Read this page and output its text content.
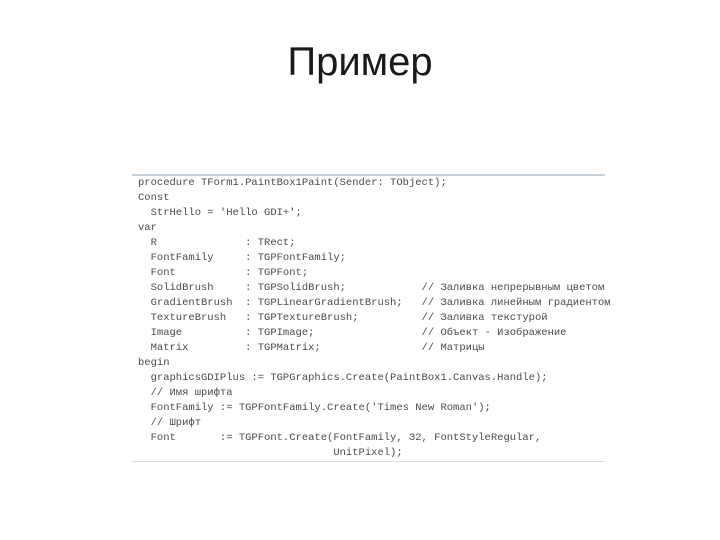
Пример
procedure TForm1.PaintBox1Paint(Sender: TObject);
Const
StrHello = 'Hello GDI+';
var
R              : TRect;
FontFamily     : TGPFontFamily;
Font           : TGPFont;
SolidBrush     : TGPSolidBrush;            // Заливка непрерывным цветом
GradientBrush  : TGPLinearGradientBrush;   // Заливка линейным градиентом
TextureBrush   : TGPTextureBrush;          // Заливка текстурой
Image          : TGPImage;                 // Объект - Изображение
Matrix         : TGPMatrix;                // Матрицы
begin
graphicsGDIPlus := TGPGraphics.Create(PaintBox1.Canvas.Handle);
// Имя шрифта
FontFamily := TGPFontFamily.Create('Times New Roman');
// Шрифт
Font       := TGPFont.Create(FontFamily, 32, FontStyleRegular,
UnitPixel);
